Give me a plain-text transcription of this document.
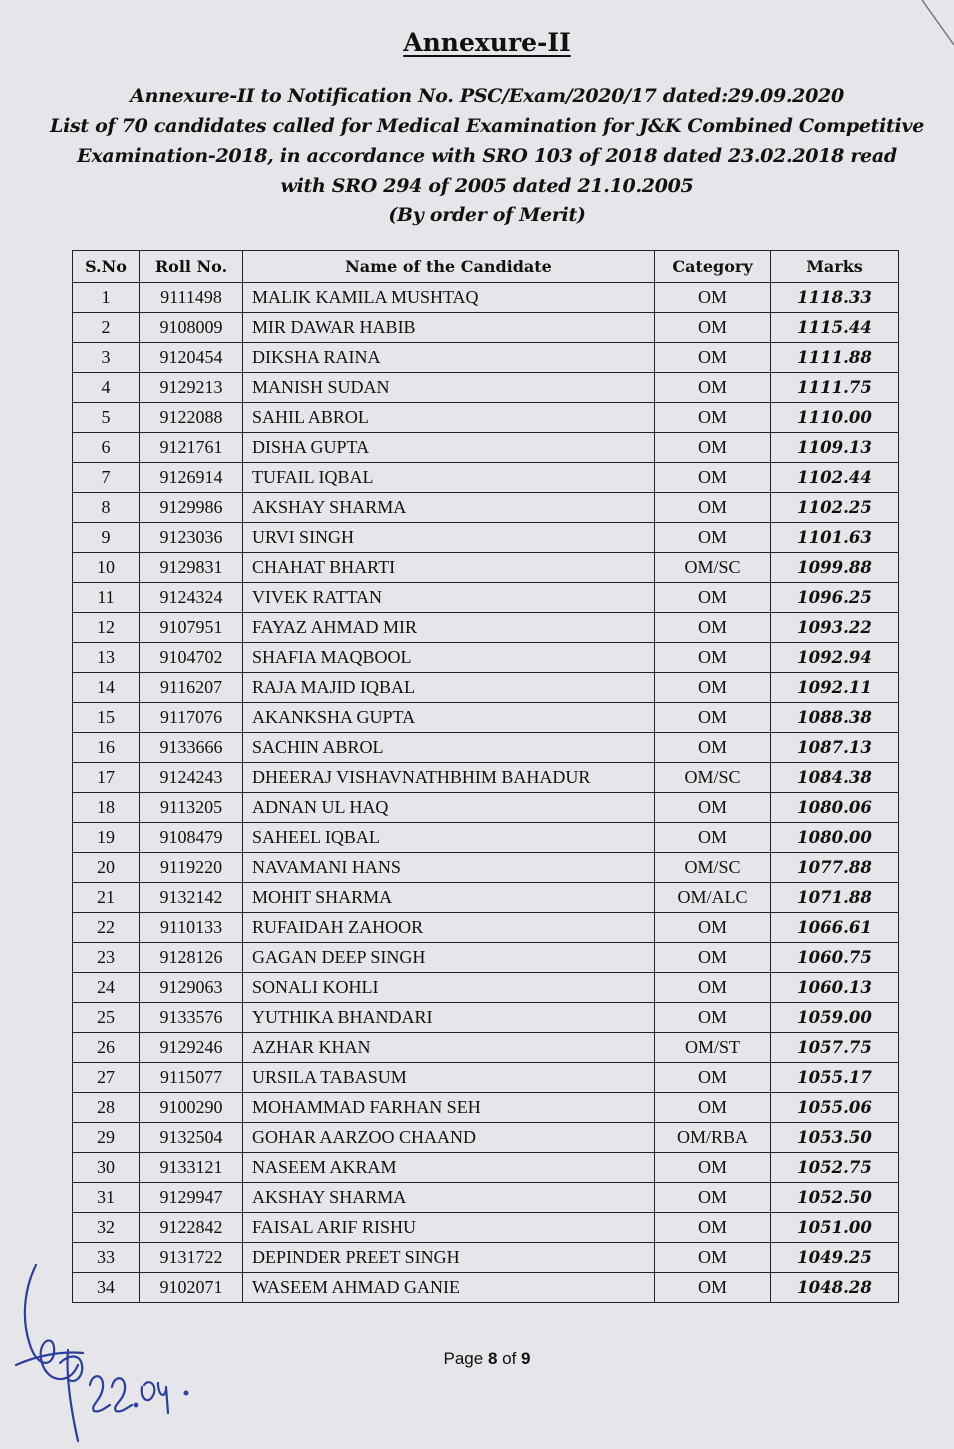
Annexure-II
Annexure-II to Notification No. PSC/Exam/2020/17 dated:29.09.2020
List of 70 candidates called for Medical Examination for J&K Combined Competitive
Examination-2018, in accordance with SRO 103 of 2018 dated 23.02.2018 read
with SRO 294 of 2005 dated 21.10.2005
(By order of Merit)
S.No	Roll No.	Name of the Candidate	Category	Marks
1	9111498	MALIK KAMILA MUSHTAQ	OM	1118.33
2	9108009	MIR DAWAR HABIB	OM	1115.44
3	9120454	DIKSHA RAINA	OM	1111.88
4	9129213	MANISH SUDAN	OM	1111.75
5	9122088	SAHIL ABROL	OM	1110.00
6	9121761	DISHA GUPTA	OM	1109.13
7	9126914	TUFAIL IQBAL	OM	1102.44
8	9129986	AKSHAY SHARMA	OM	1102.25
9	9123036	URVI SINGH	OM	1101.63
10	9129831	CHAHAT BHARTI	OM/SC	1099.88
11	9124324	VIVEK RATTAN	OM	1096.25
12	9107951	FAYAZ AHMAD MIR	OM	1093.22
13	9104702	SHAFIA MAQBOOL	OM	1092.94
14	9116207	RAJA MAJID IQBAL	OM	1092.11
15	9117076	AKANKSHA GUPTA	OM	1088.38
16	9133666	SACHIN ABROL	OM	1087.13
17	9124243	DHEERAJ VISHAVNATHBHIM BAHADUR	OM/SC	1084.38
18	9113205	ADNAN UL HAQ	OM	1080.06
19	9108479	SAHEEL IQBAL	OM	1080.00
20	9119220	NAVAMANI HANS	OM/SC	1077.88
21	9132142	MOHIT SHARMA	OM/ALC	1071.88
22	9110133	RUFAIDAH ZAHOOR	OM	1066.61
23	9128126	GAGAN DEEP SINGH	OM	1060.75
24	9129063	SONALI KOHLI	OM	1060.13
25	9133576	YUTHIKA BHANDARI	OM	1059.00
26	9129246	AZHAR KHAN	OM/ST	1057.75
27	9115077	URSILA TABASUM	OM	1055.17
28	9100290	MOHAMMAD FARHAN SEH	OM	1055.06
29	9132504	GOHAR AARZOO CHAAND	OM/RBA	1053.50
30	9133121	NASEEM AKRAM	OM	1052.75
31	9129947	AKSHAY SHARMA	OM	1052.50
32	9122842	FAISAL ARIF RISHU	OM	1051.00
33	9131722	DEPINDER PREET SINGH	OM	1049.25
34	9102071	WASEEM AHMAD GANIE	OM	1048.28
Page 8 of 9
